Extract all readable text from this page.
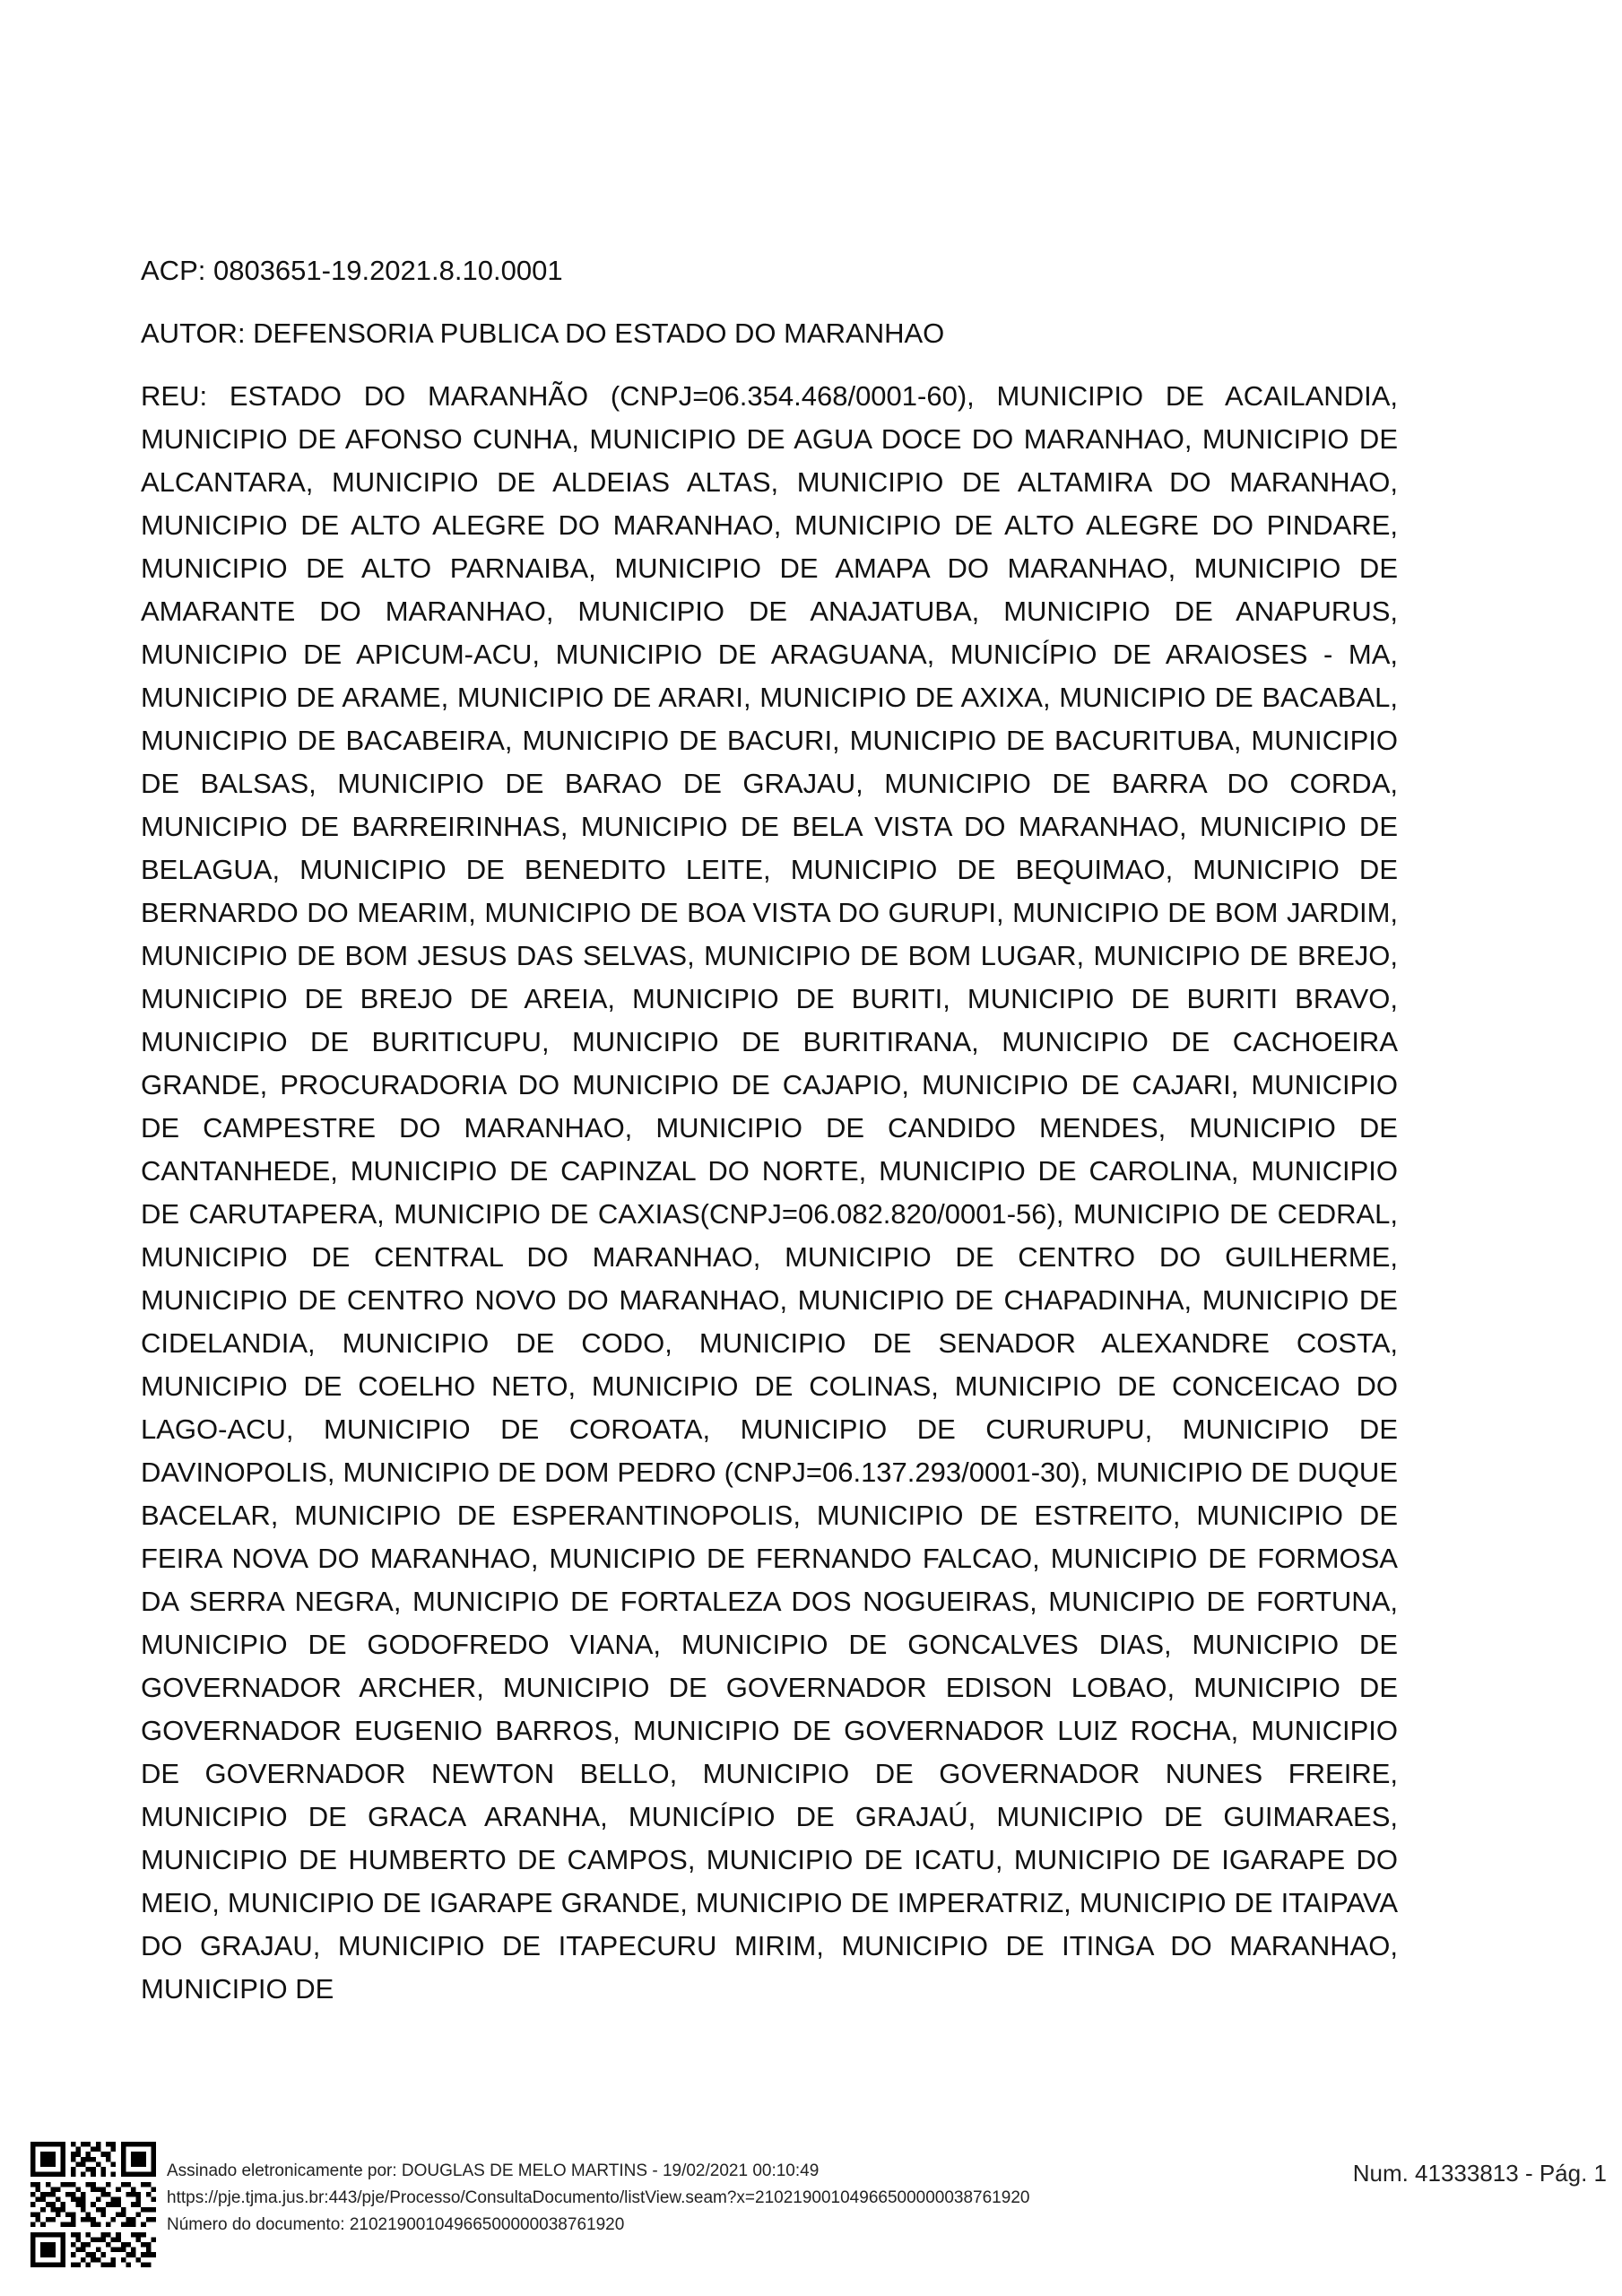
ACP: 0803651-19.2021.8.10.0001

AUTOR: DEFENSORIA PUBLICA DO ESTADO DO MARANHAO

REU: ESTADO DO MARANHÃO (CNPJ=06.354.468/0001-60), MUNICIPIO DE ACAILANDIA, MUNICIPIO DE AFONSO CUNHA, MUNICIPIO DE AGUA DOCE DO MARANHAO, MUNICIPIO DE ALCANTARA, MUNICIPIO DE ALDEIAS ALTAS, MUNICIPIO DE ALTAMIRA DO MARANHAO, MUNICIPIO DE ALTO ALEGRE DO MARANHAO, MUNICIPIO DE ALTO ALEGRE DO PINDARE, MUNICIPIO DE ALTO PARNAIBA, MUNICIPIO DE AMAPA DO MARANHAO, MUNICIPIO DE AMARANTE DO MARANHAO, MUNICIPIO DE ANAJATUBA, MUNICIPIO DE ANAPURUS, MUNICIPIO DE APICUM-ACU, MUNICIPIO DE ARAGUANA, MUNICÍPIO DE ARAIOSES - MA, MUNICIPIO DE ARAME, MUNICIPIO DE ARARI, MUNICIPIO DE AXIXA, MUNICIPIO DE BACABAL, MUNICIPIO DE BACABEIRA, MUNICIPIO DE BACURI, MUNICIPIO DE BACURITUBA, MUNICIPIO DE BALSAS, MUNICIPIO DE BARAO DE GRAJAU, MUNICIPIO DE BARRA DO CORDA, MUNICIPIO DE BARREIRINHAS, MUNICIPIO DE BELA VISTA DO MARANHAO, MUNICIPIO DE BELAGUA, MUNICIPIO DE BENEDITO LEITE, MUNICIPIO DE BEQUIMAO, MUNICIPIO DE BERNARDO DO MEARIM, MUNICIPIO DE BOA VISTA DO GURUPI, MUNICIPIO DE BOM JARDIM, MUNICIPIO DE BOM JESUS DAS SELVAS, MUNICIPIO DE BOM LUGAR, MUNICIPIO DE BREJO, MUNICIPIO DE BREJO DE AREIA, MUNICIPIO DE BURITI, MUNICIPIO DE BURITI BRAVO, MUNICIPIO DE BURITICUPU, MUNICIPIO DE BURITIRANA, MUNICIPIO DE CACHOEIRA GRANDE, PROCURADORIA DO MUNICIPIO DE CAJAPIO, MUNICIPIO DE CAJARI, MUNICIPIO DE CAMPESTRE DO MARANHAO, MUNICIPIO DE CANDIDO MENDES, MUNICIPIO DE CANTANHEDE, MUNICIPIO DE CAPINZAL DO NORTE, MUNICIPIO DE CAROLINA, MUNICIPIO DE CARUTAPERA, MUNICIPIO DE CAXIAS(CNPJ=06.082.820/0001-56), MUNICIPIO DE CEDRAL, MUNICIPIO DE CENTRAL DO MARANHAO, MUNICIPIO DE CENTRO DO GUILHERME, MUNICIPIO DE CENTRO NOVO DO MARANHAO, MUNICIPIO DE CHAPADINHA, MUNICIPIO DE CIDELANDIA, MUNICIPIO DE CODO, MUNICIPIO DE SENADOR ALEXANDRE COSTA, MUNICIPIO DE COELHO NETO, MUNICIPIO DE COLINAS, MUNICIPIO DE CONCEICAO DO LAGO-ACU, MUNICIPIO DE COROATA, MUNICIPIO DE CURURUPU, MUNICIPIO DE DAVINOPOLIS, MUNICIPIO DE DOM PEDRO (CNPJ=06.137.293/0001-30), MUNICIPIO DE DUQUE BACELAR, MUNICIPIO DE ESPERANTINOPOLIS, MUNICIPIO DE ESTREITO, MUNICIPIO DE FEIRA NOVA DO MARANHAO, MUNICIPIO DE FERNANDO FALCAO, MUNICIPIO DE FORMOSA DA SERRA NEGRA, MUNICIPIO DE FORTALEZA DOS NOGUEIRAS, MUNICIPIO DE FORTUNA, MUNICIPIO DE GODOFREDO VIANA, MUNICIPIO DE GONCALVES DIAS, MUNICIPIO DE GOVERNADOR ARCHER, MUNICIPIO DE GOVERNADOR EDISON LOBAO, MUNICIPIO DE GOVERNADOR EUGENIO BARROS, MUNICIPIO DE GOVERNADOR LUIZ ROCHA, MUNICIPIO DE GOVERNADOR NEWTON BELLO, MUNICIPIO DE GOVERNADOR NUNES FREIRE, MUNICIPIO DE GRACA ARANHA, MUNICÍPIO DE GRAJAÚ, MUNICIPIO DE GUIMARAES, MUNICIPIO DE HUMBERTO DE CAMPOS, MUNICIPIO DE ICATU, MUNICIPIO DE IGARAPE DO MEIO, MUNICIPIO DE IGARAPE GRANDE, MUNICIPIO DE IMPERATRIZ, MUNICIPIO DE ITAIPAVA DO GRAJAU, MUNICIPIO DE ITAPECURU MIRIM, MUNICIPIO DE ITINGA DO MARANHAO, MUNICIPIO DE

Assinado eletronicamente por: DOUGLAS DE MELO MARTINS - 19/02/2021 00:10:49
https://pje.tjma.jus.br:443/pje/Processo/ConsultaDocumento/listView.seam?x=21021900104966500000038761920
Número do documento: 21021900104966500000038761920
Num. 41333813 - Pág. 1
